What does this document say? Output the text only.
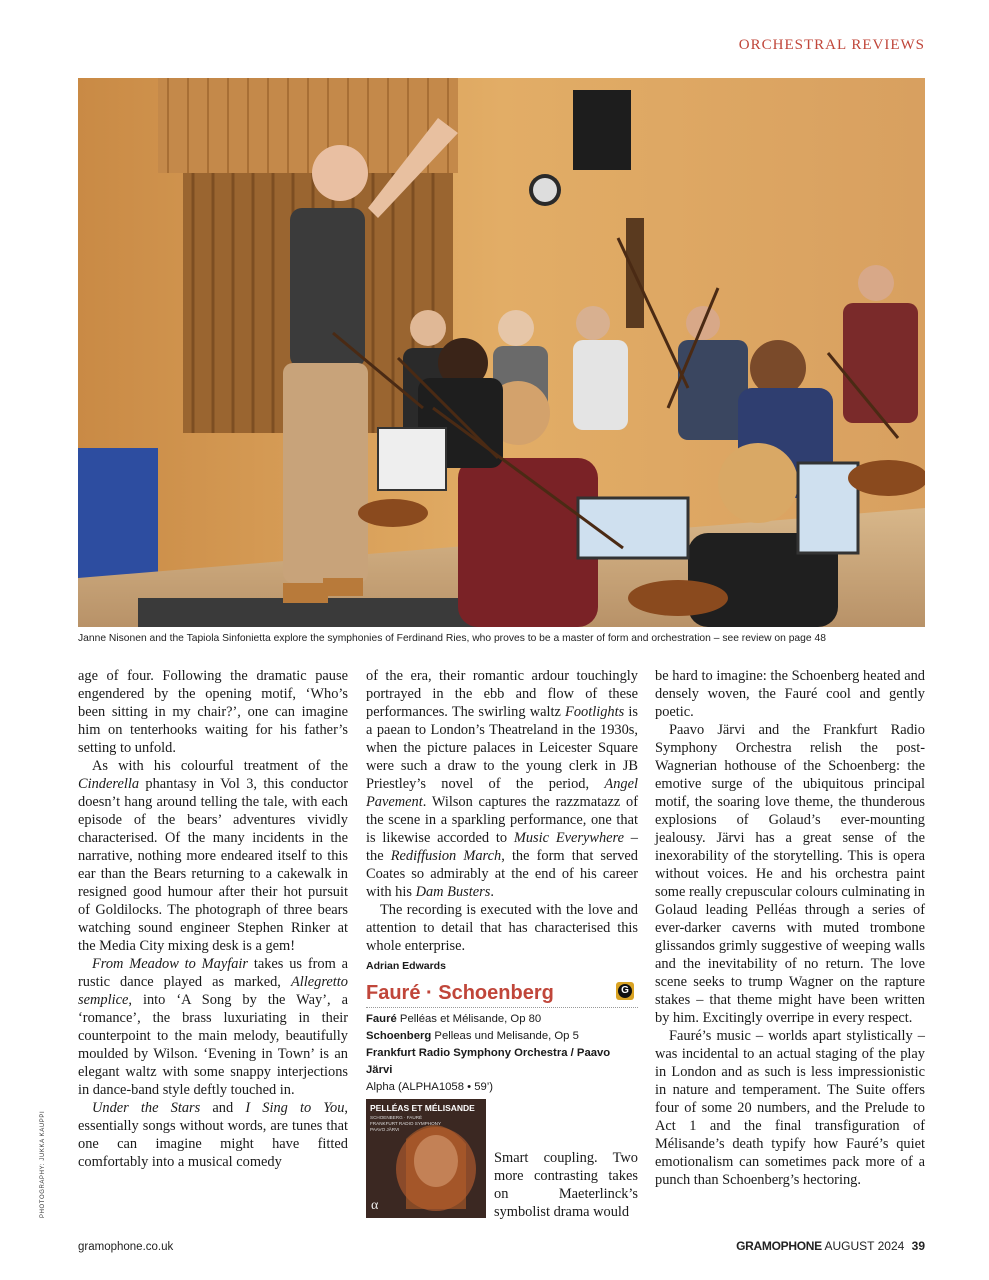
ORCHESTRAL REVIEWS
Janne Nisonen and the Tapiola Sinfonietta explore the symphonies of Ferdinand Ries, who proves to be a master of form and orchestration – see review on page 48

age of four. Following the dramatic pause engendered by the opening motif, ‘Who’s been sitting in my chair?’, one can imagine him on tenterhooks waiting for his father’s setting to unfold.

As with his colourful treatment of the Cinderella phantasy in Vol 3, this conductor doesn’t hang around telling the tale, with each episode of the bears’ adventures vividly characterised. Of the many incidents in the narrative, nothing more endeared itself to this ear than the Bears returning to a cakewalk in resigned good humour after their hot pursuit of Goldilocks. The photograph of three bears watching sound engineer Stephen Rinker at the Media City mixing desk is a gem!

From Meadow to Mayfair takes us from a rustic dance played as marked, Allegretto semplice, into ‘A Song by the Way’, a ‘romance’, the brass luxuriating in their counterpoint to the main melody, beautifully moulded by Wilson. ‘Evening in Town’ is an elegant waltz with some snappy interjections in dance-band style deftly touched in.

Under the Stars and I Sing to You, essentially songs without words, are tunes that one can imagine might have fitted comfortably into a musical comedy

of the era, their romantic ardour touchingly portrayed in the ebb and flow of these performances. The swirling waltz Footlights is a paean to London’s Theatreland in the 1930s, when the picture palaces in Leicester Square were such a draw to the young clerk in JB Priestley’s novel of the period, Angel Pavement. Wilson captures the razzmatazz of the scene in a sparkling performance, one that is likewise accorded to Music Everywhere – the Rediffusion March, the form that served Coates so admirably at the end of his career with his Dam Busters.

The recording is executed with the love and attention to detail that has characterised this whole enterprise.

Adrian Edwards
Fauré · Schoenberg	G
Fauré Pelléas et Mélisande, Op 80
Schoenberg Pelleas und Melisande, Op 5
Frankfurt Radio Symphony Orchestra / Paavo Järvi
Alpha (ALPHA1058 • 59’)
PELLÉAS ET MÉLISANDE
SCHOENBERG · FAURÉ
FRANKFURT RADIO SYMPHONY
PAAVO JÄRVI
α

Smart coupling. Two more contrasting takes on Maeterlinck’s symbolist drama would

be hard to imagine: the Schoenberg heated and densely woven, the Fauré cool and gently poetic.

Paavo Järvi and the Frankfurt Radio Symphony Orchestra relish the post-Wagnerian hothouse of the Schoenberg: the emotive surge of the ubiquitous principal motif, the soaring love theme, the thunderous explosions of Golaud’s ever-mounting jealousy. Järvi has a great sense of the inexorability of the storytelling. This is opera without voices. He and his orchestra paint some really crepuscular colours culminating in Golaud leading Pelléas through a series of ever-darker caverns with muted trombone glissandos grimly suggestive of weeping walls and the inevitability of no return. The love scene seeks to trump Wagner on the rapture stakes – that theme might have been written by him. Excitingly overripe in every respect.

Fauré’s music – worlds apart stylistically – was incidental to an actual staging of the play in London and as such is less impressionistic in nature and temperament. The Suite offers four of some 20 numbers, and the Prelude to Act 1 and the final transfiguration of Mélisande’s death typify how Fauré’s quiet emotionalism can sometimes pack more of a punch than Schoenberg’s hectoring.

PHOTOGRAPHY: JUKKA KAUPPI
gramophone.co.uk	GRAMOPHONE AUGUST 2024 39
